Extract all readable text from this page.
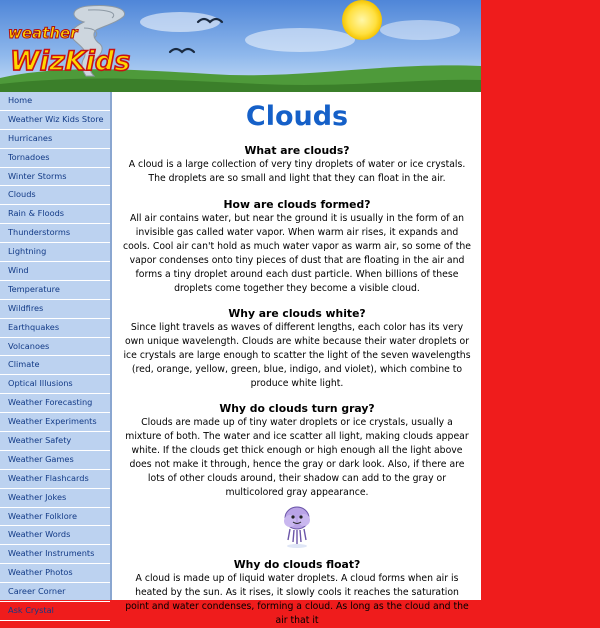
weather
WizKids
Home
Weather Wiz Kids Store
Hurricanes
Tornadoes
Winter Storms
Clouds
Rain & Floods
Thunderstorms
Lightning
Wind
Temperature
Wildfires
Earthquakes
Volcanoes
Climate
Optical Illusions
Weather Forecasting
Weather Experiments
Weather Safety
Weather Games
Weather Flashcards
Weather Jokes
Weather Folklore
Weather Words
Weather Instruments
Weather Photos
Career Corner
Ask Crystal
Clouds
What are clouds?
A cloud is a large collection of very tiny droplets of water or ice crystals. The droplets are so small and light that they can float in the air.
How are clouds formed?
All air contains water, but near the ground it is usually in the form of an invisible gas called water vapor. When warm air rises, it expands and cools. Cool air can't hold as much water vapor as warm air, so some of the vapor condenses onto tiny pieces of dust that are floating in the air and forms a tiny droplet around each dust particle. When billions of these droplets come together they become a visible cloud.
Why are clouds white?
Since light travels as waves of different lengths, each color has its very own unique wavelength. Clouds are white because their water droplets or ice crystals are large enough to scatter the light of the seven wavelengths (red, orange, yellow, green, blue, indigo, and violet), which combine to produce white light.
Why do clouds turn gray?
Clouds are made up of tiny water droplets or ice crystals, usually a mixture of both. The water and ice scatter all light, making clouds appear white. If the clouds get thick enough or high enough all the light above does not make it through, hence the gray or dark look. Also, if there are lots of other clouds around, their shadow can add to the gray or multicolored gray appearance.
Why do clouds float?
A cloud is made up of liquid water droplets. A cloud forms when air is heated by the sun. As it rises, it slowly cools it reaches the saturation point and water condenses, forming a cloud. As long as the cloud and the air that it
